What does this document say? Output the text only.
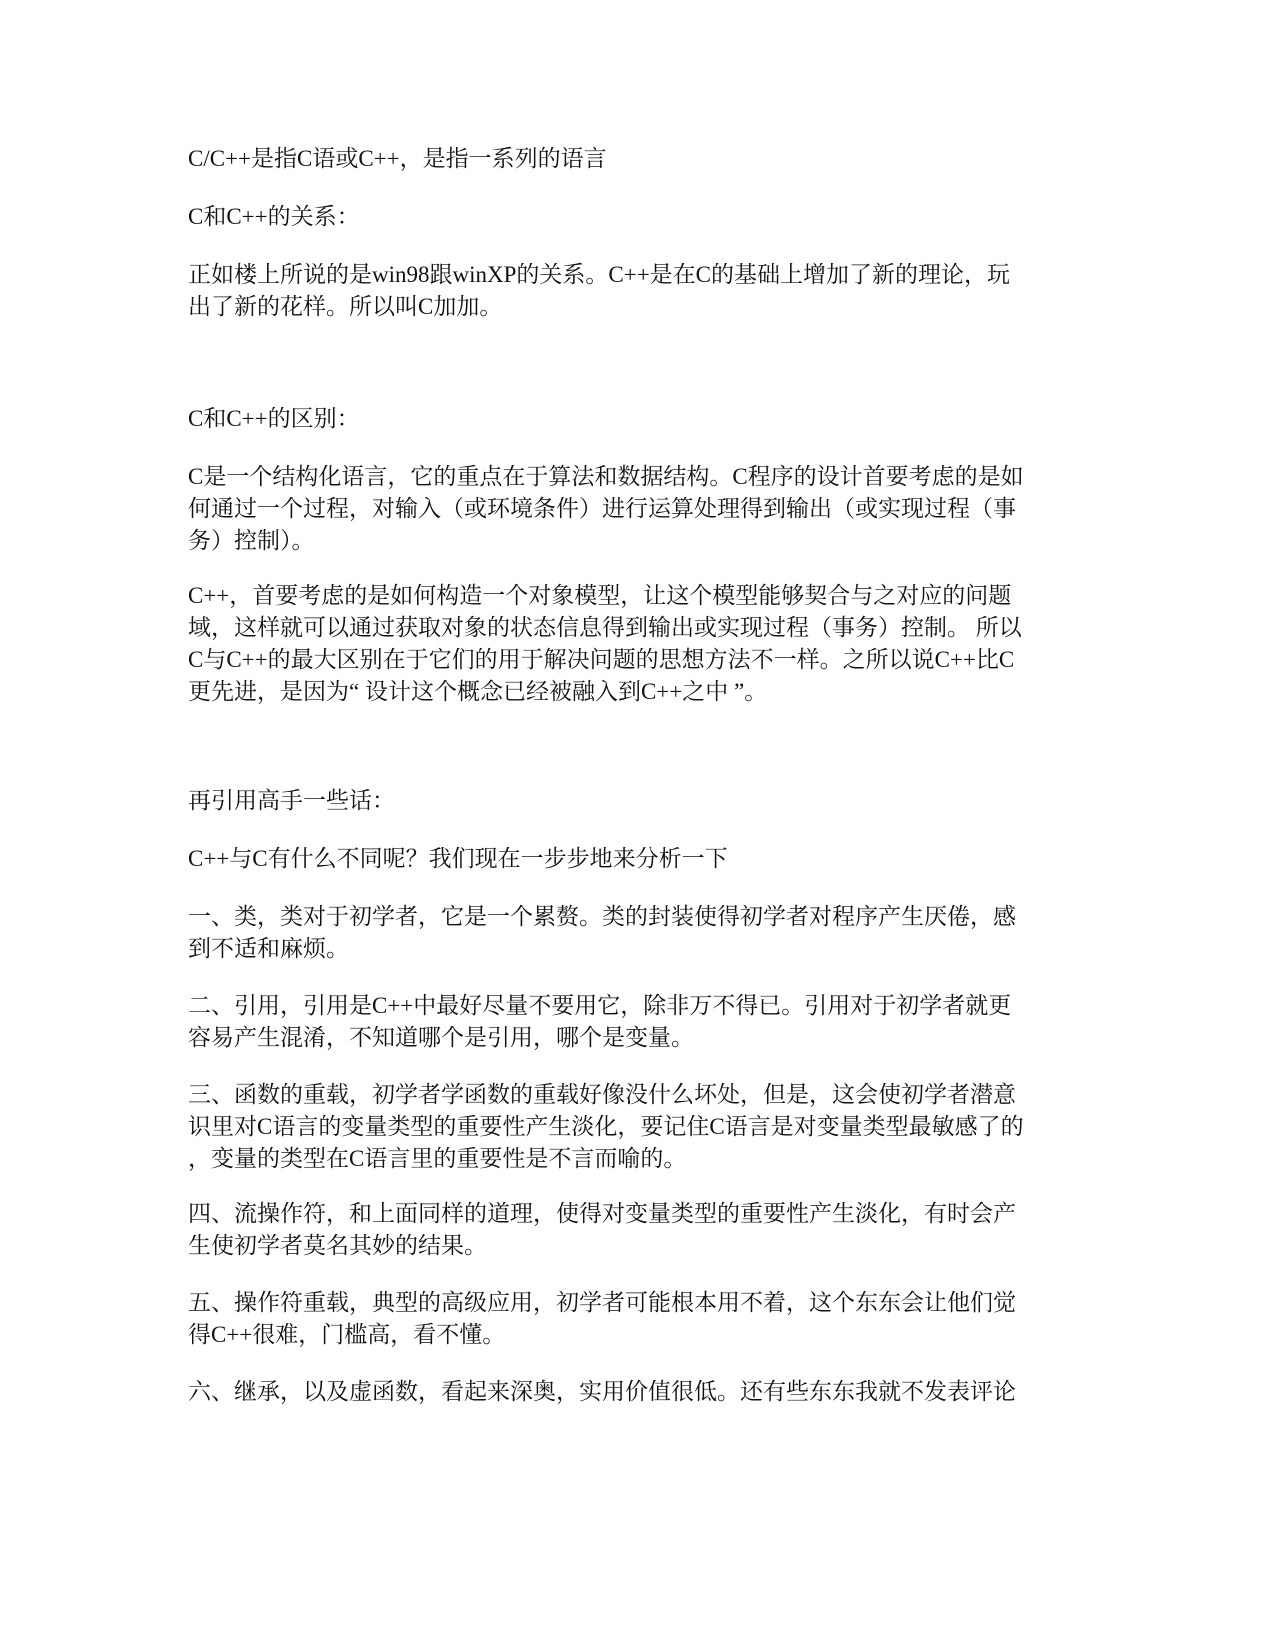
C/C++是指C语或C++，是指一系列的语言

C和C++的关系：

正如楼上所说的是win98跟winXP的关系。C++是在C的基础上增加了新的理论，玩
出了新的花样。所以叫C加加。

C和C++的区别：

C是一个结构化语言，它的重点在于算法和数据结构。C程序的设计首要考虑的是如
何通过一个过程，对输入（或环境条件）进行运算处理得到输出（或实现过程（事
务）控制）。

C++，首要考虑的是如何构造一个对象模型，让这个模型能够契合与之对应的问题
域，这样就可以通过获取对象的状态信息得到输出或实现过程（事务）控制。 所以
C与C++的最大区别在于它们的用于解决问题的思想方法不一样。之所以说C++比C
更先进，是因为“ 设计这个概念已经被融入到C++之中 ”。

再引用高手一些话：

C++与C有什么不同呢？我们现在一步步地来分析一下

一、类，类对于初学者，它是一个累赘。类的封装使得初学者对程序产生厌倦，感
到不适和麻烦。

二、引用，引用是C++中最好尽量不要用它，除非万不得已。引用对于初学者就更
容易产生混淆，不知道哪个是引用，哪个是变量。

三、函数的重载，初学者学函数的重载好像没什么坏处，但是，这会使初学者潜意
识里对C语言的变量类型的重要性产生淡化，要记住C语言是对变量类型最敏感了的
，变量的类型在C语言里的重要性是不言而喻的。

四、流操作符，和上面同样的道理，使得对变量类型的重要性产生淡化，有时会产
生使初学者莫名其妙的结果。

五、操作符重载，典型的高级应用，初学者可能根本用不着，这个东东会让他们觉
得C++很难，门槛高，看不懂。

六、继承，以及虚函数，看起来深奥，实用价值很低。还有些东东我就不发表评论
